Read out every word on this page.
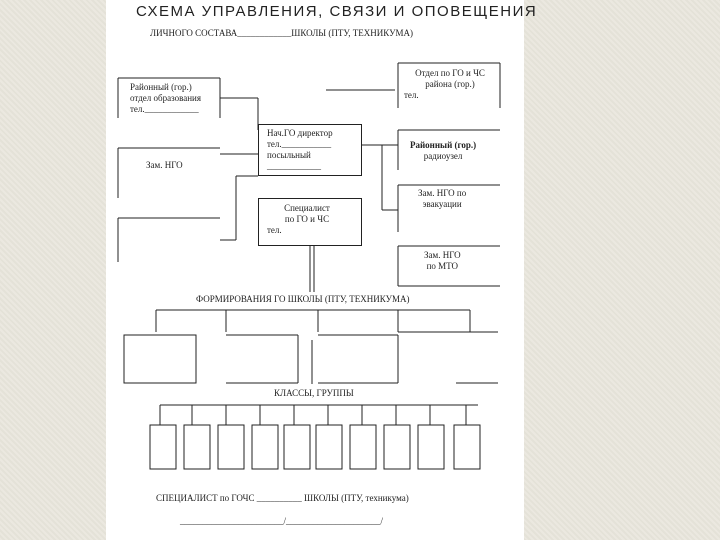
СХЕМА УПРАВЛЕНИЯ, СВЯЗИ И ОПОВЕЩЕНИЯ
ЛИЧНОГО СОСТАВА____________ШКОЛЫ (ПТУ, ТЕХНИКУМА)
Районный (гор.)
отдел образования
тел.____________
Отдел по ГО и ЧС
района (гор.)
тел.
Нач.ГО директор
тел.___________
посыльный
____________
Зам. НГО
Районный (гор.)
радиоузел
Зам. НГО по
эвакуации
Специалист
по ГО и ЧС
тел.
Зам. НГО
по МТО
ФОРМИРОВАНИЯ ГО ШКОЛЫ (ПТУ, ТЕХНИКУМА)
КЛАССЫ, ГРУППЫ
СПЕЦИАЛИСТ по ГОЧС __________ ШКОЛЫ (ПТУ, техникума)
_______________________/_____________________/
